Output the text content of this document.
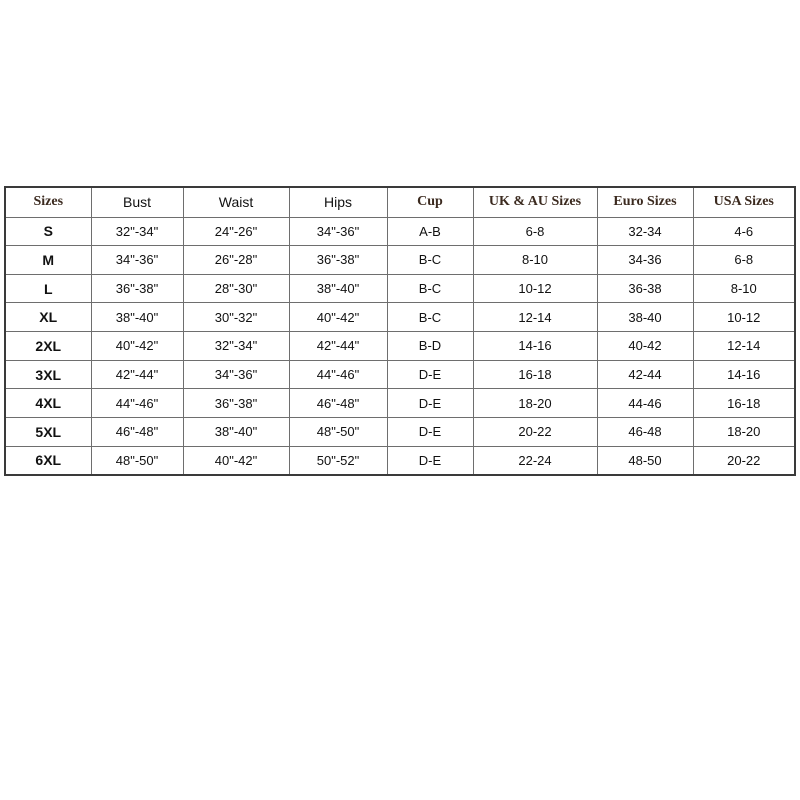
Sizes	Bust	Waist	Hips	Cup	UK & AU Sizes	Euro Sizes	USA Sizes
S	32"-34"	24"-26"	34"-36"	A-B	6-8	32-34	4-6
M	34"-36"	26"-28"	36"-38"	B-C	8-10	34-36	6-8
L	36"-38"	28"-30"	38"-40"	B-C	10-12	36-38	8-10
XL	38"-40"	30"-32"	40"-42"	B-C	12-14	38-40	10-12
2XL	40"-42"	32"-34"	42"-44"	B-D	14-16	40-42	12-14
3XL	42"-44"	34"-36"	44"-46"	D-E	16-18	42-44	14-16
4XL	44"-46"	36"-38"	46"-48"	D-E	18-20	44-46	16-18
5XL	46"-48"	38"-40"	48"-50"	D-E	20-22	46-48	18-20
6XL	48"-50"	40"-42"	50"-52"	D-E	22-24	48-50	20-22
